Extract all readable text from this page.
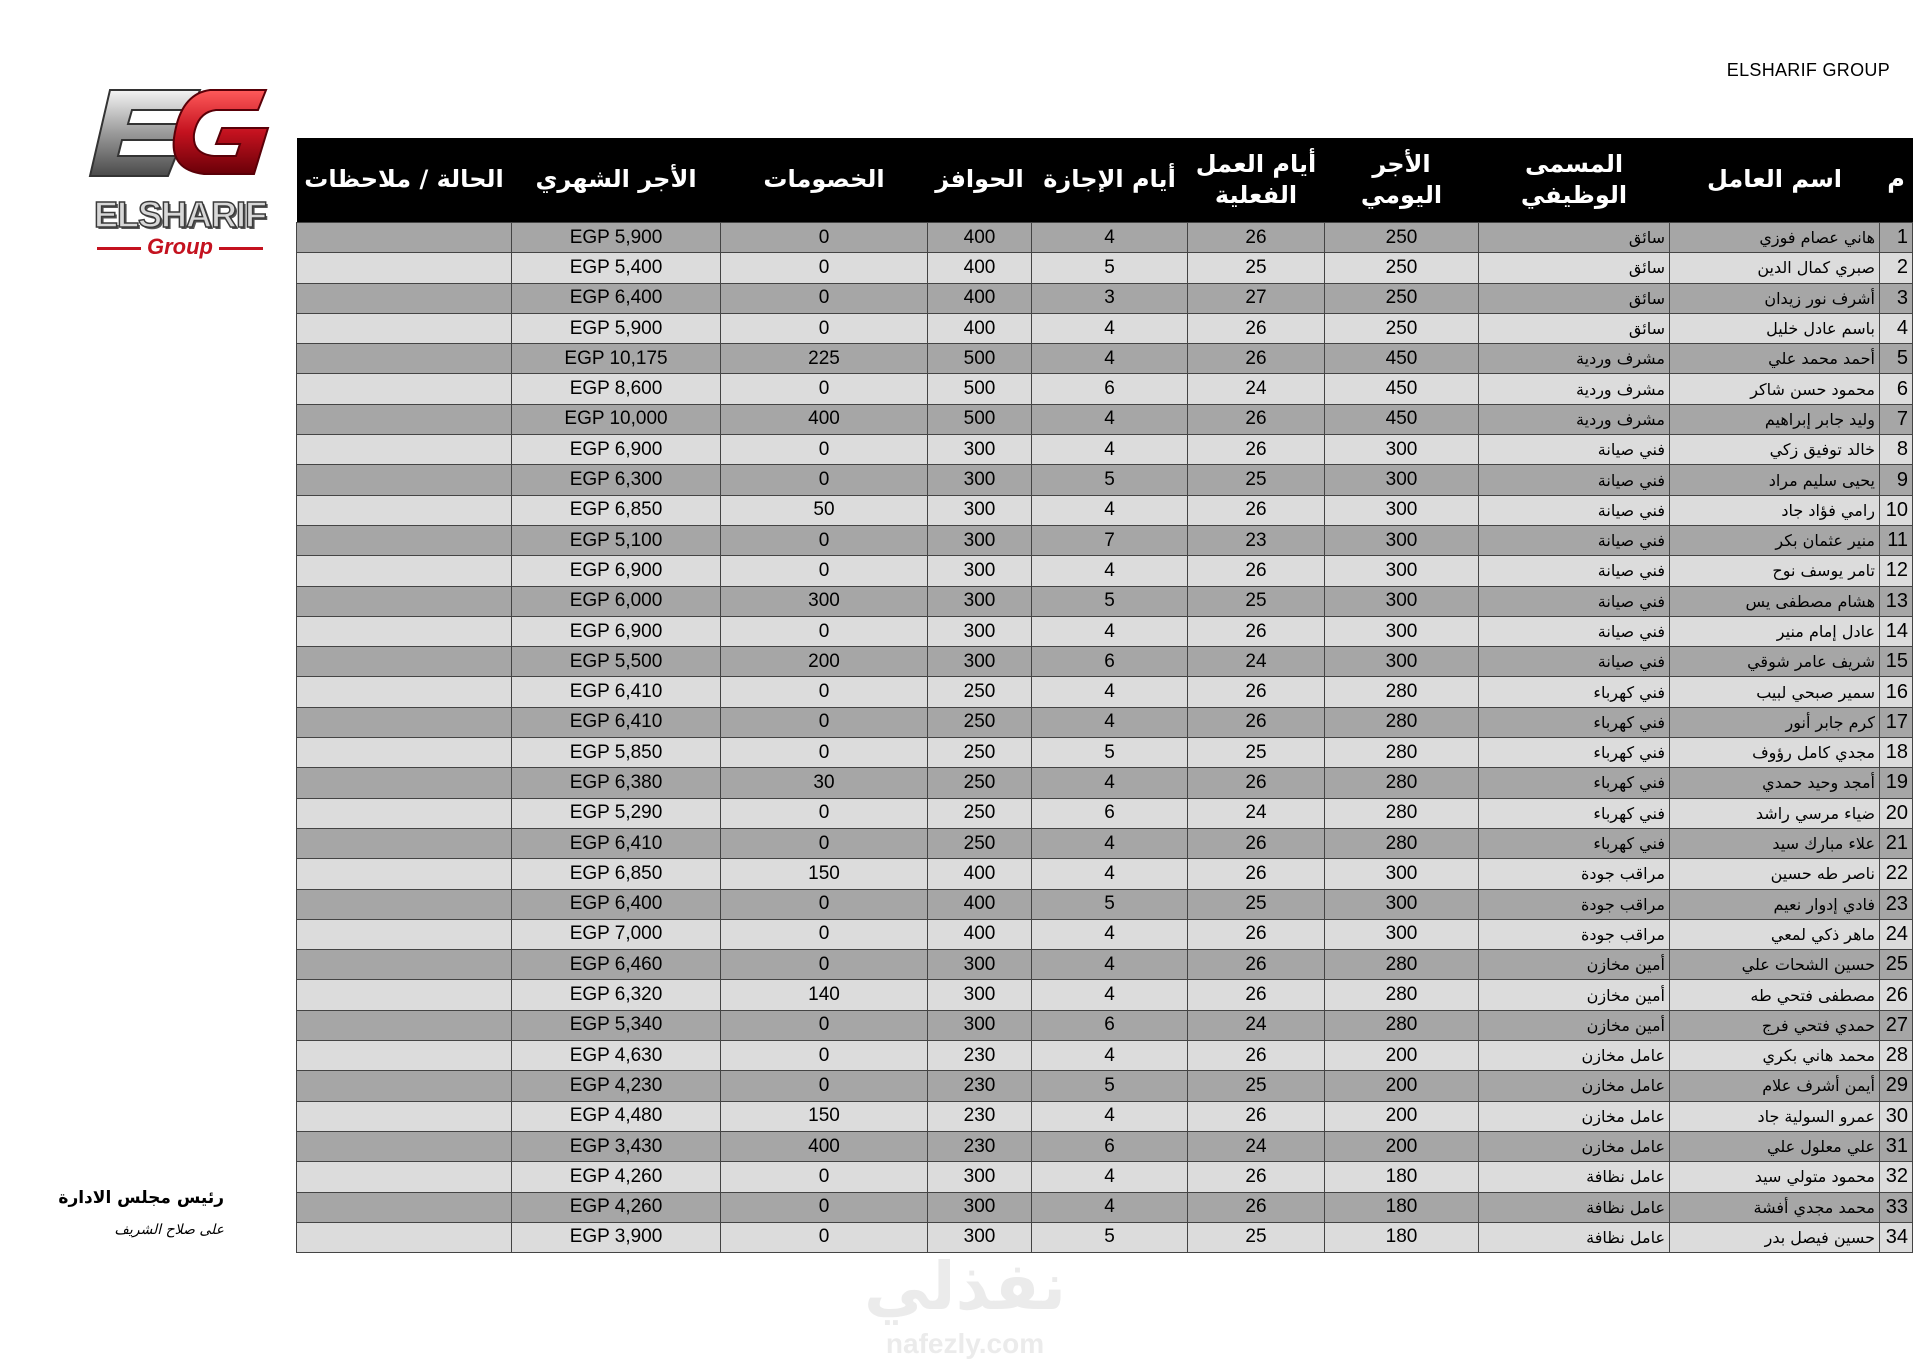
ELSHARIF GROUP
ELSHARIF
Group
م	اسم العامل	المسمى الوظيفي	الأجر اليومي	أيام العمل الفعلية	أيام الإجازة	الحوافز	الخصومات	الأجر الشهري	الحالة / ملاحظات
1	هاني عصام فوزي	سائق	250	26	4	400	0	EGP 5,900	
2	صبري كمال الدين	سائق	250	25	5	400	0	EGP 5,400	
3	أشرف نور زيدان	سائق	250	27	3	400	0	EGP 6,400	
4	باسم عادل خليل	سائق	250	26	4	400	0	EGP 5,900	
5	أحمد محمد علي	مشرف وردية	450	26	4	500	225	EGP 10,175	
6	محمود حسن شاكر	مشرف وردية	450	24	6	500	0	EGP 8,600	
7	وليد جابر إبراهيم	مشرف وردية	450	26	4	500	400	EGP 10,000	
8	خالد توفيق زكي	فني صيانة	300	26	4	300	0	EGP 6,900	
9	يحيى سليم مراد	فني صيانة	300	25	5	300	0	EGP 6,300	
10	رامي فؤاد جاد	فني صيانة	300	26	4	300	50	EGP 6,850	
11	منير عثمان بكر	فني صيانة	300	23	7	300	0	EGP 5,100	
12	تامر يوسف نوح	فني صيانة	300	26	4	300	0	EGP 6,900	
13	هشام مصطفى يس	فني صيانة	300	25	5	300	300	EGP 6,000	
14	عادل إمام منير	فني صيانة	300	26	4	300	0	EGP 6,900	
15	شريف عامر شوقي	فني صيانة	300	24	6	300	200	EGP 5,500	
16	سمير صبحي لبيب	فني كهرباء	280	26	4	250	0	EGP 6,410	
17	كرم جابر أنور	فني كهرباء	280	26	4	250	0	EGP 6,410	
18	مجدي كامل رؤوف	فني كهرباء	280	25	5	250	0	EGP 5,850	
19	أمجد وحيد حمدي	فني كهرباء	280	26	4	250	30	EGP 6,380	
20	ضياء مرسي راشد	فني كهرباء	280	24	6	250	0	EGP 5,290	
21	علاء مبارك سيد	فني كهرباء	280	26	4	250	0	EGP 6,410	
22	ناصر طه حسين	مراقب جودة	300	26	4	400	150	EGP 6,850	
23	فادي إدوار نعيم	مراقب جودة	300	25	5	400	0	EGP 6,400	
24	ماهر ذكي لمعي	مراقب جودة	300	26	4	400	0	EGP 7,000	
25	حسين الشحات علي	أمين مخازن	280	26	4	300	0	EGP 6,460	
26	مصطفى فتحي طه	أمين مخازن	280	26	4	300	140	EGP 6,320	
27	حمدي فتحي فرج	أمين مخازن	280	24	6	300	0	EGP 5,340	
28	محمد هاني بكري	عامل مخازن	200	26	4	230	0	EGP 4,630	
29	أيمن أشرف علام	عامل مخازن	200	25	5	230	0	EGP 4,230	
30	عمرو السولية جاد	عامل مخازن	200	26	4	230	150	EGP 4,480	
31	علي معلول علي	عامل مخازن	200	24	6	230	400	EGP 3,430	
32	محمود متولي سيد	عامل نظافة	180	26	4	300	0	EGP 4,260	
33	محمد مجدي أفشة	عامل نظافة	180	26	4	300	0	EGP 4,260	
34	حسين فيصل بدر	عامل نظافة	180	25	5	300	0	EGP 3,900	
رئيس مجلس الادارة
على صلاح الشريف
نفذلي
nafezly.com
